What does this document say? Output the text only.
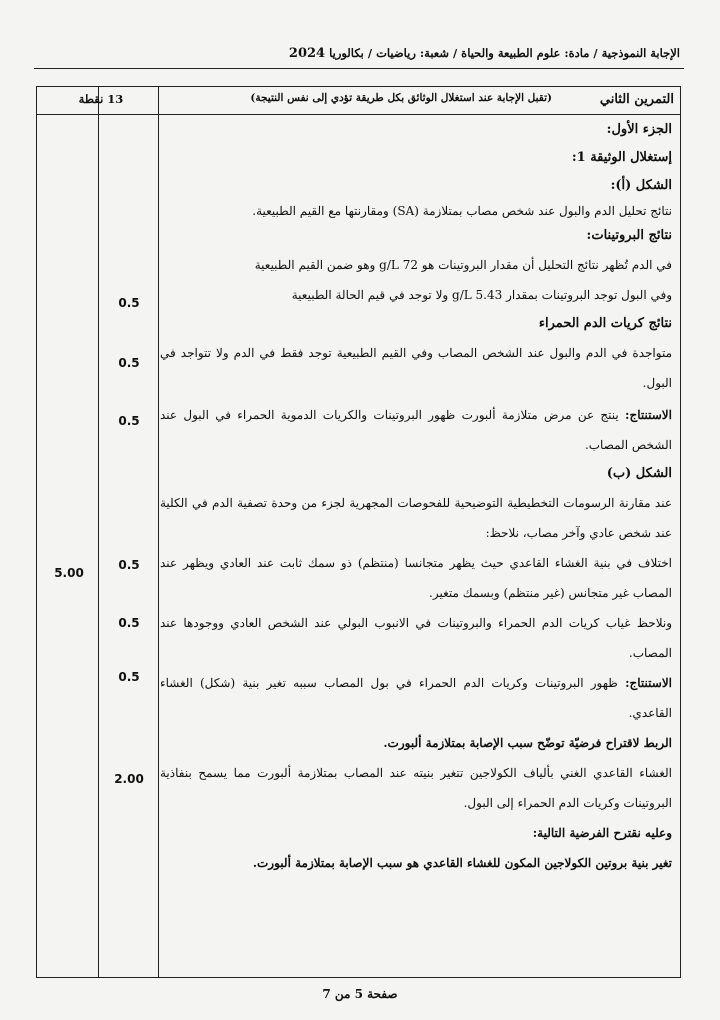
الإجابة النموذجية / مادة: علوم الطبيعة والحياة / شعبة: رياضيات / بكالوريا 2024
التمرين الثاني
(تقبل الإجابة عند استغلال الوثائق بكل طريقة تؤدي إلى نفس النتيجة)
13 نقطة

الجزء الأول:

إستغلال الوثيقة 1:

الشكل (أ):

نتائج تحليل الدم والبول عند شخص مصاب بمتلازمة (SA) ومقارنتها مع القيم الطبيعية.

نتائج البروتينات:

في الدم تُظهر نتائج التحليل أن مقدار البروتينات هو 72 g/L وهو ضمن القيم الطبيعية

وفي البول توجد البروتينات بمقدار 5.43 g/L ولا توجد في قيم الحالة الطبيعية

نتائج كريات الدم الحمراء

متواجدة في الدم والبول عند الشخص المصاب وفي القيم الطبيعية توجد فقط في الدم ولا تتواجد في البول.

الاستنتاج: ينتج عن مرض متلازمة ألبورت ظهور البروتينات والكريات الدموية الحمراء في البول عند الشخص المصاب.

الشكل (ب)

عند مقارنة الرسومات التخطيطية التوضيحية للفحوصات المجهرية لجزء من وحدة تصفية الدم في الكلية عند شخص عادي وآخر مصاب، نلاحظ:

اختلاف في بنية الغشاء القاعدي حيث يظهر متجانسا (منتظم) ذو سمك ثابت عند العادي ويظهر عند المصاب غير متجانس (غير منتظم) وبسمك متغير.

ونلاحظ غياب كريات الدم الحمراء والبروتينات في الانبوب البولي عند الشخص العادي ووجودها عند المصاب.

الاستنتاج: ظهور البروتينات وكريات الدم الحمراء في بول المصاب سببه تغير بنية (شكل) الغشاء القاعدي.

الربط لاقتراح فرضيّة توضّح سبب الإصابة بمتلازمة ألبورت.

الغشاء القاعدي الغني بألياف الكولاجين تتغير بنيته عند المصاب بمتلازمة ألبورت مما يسمح بنفاذية البروتينات وكريات الدم الحمراء إلى البول.

وعليه نقترح الفرضية التالية:

تغير بنية بروتين الكولاجين المكون للغشاء القاعدي هو سبب الإصابة بمتلازمة ألبورت.

0.5
0.5
0.5
0.5
0.5
0.5
2.00
5.00
صفحة 5 من 7
